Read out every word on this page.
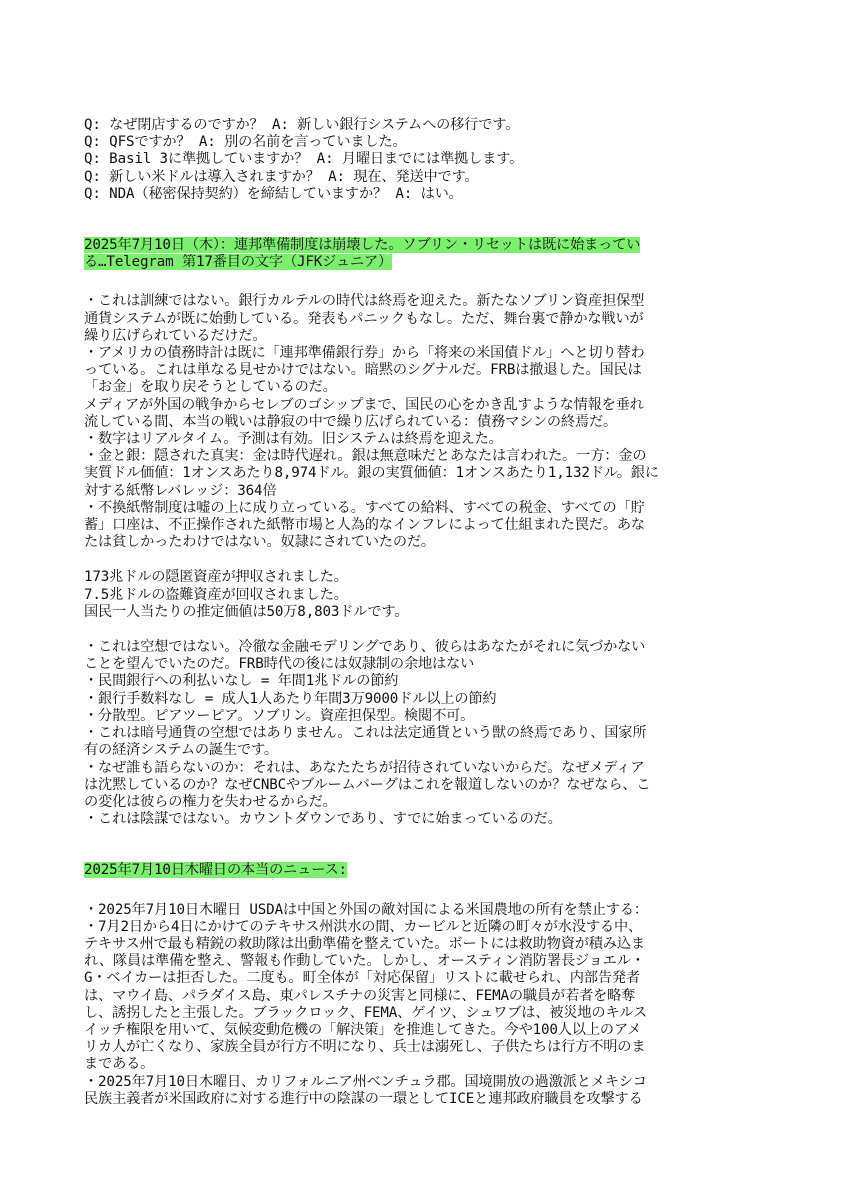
Q: なぜ閉店するのですか？ A: 新しい銀行システムへの移行です。
Q: QFSですか？ A: 別の名前を言っていました。
Q: Basil 3に準拠していますか？ A: 月曜日までには準拠します。
Q: 新しい米ドルは導入されますか？ A: 現在、発送中です。
Q: NDA（秘密保持契約）を締結していますか？ A: はい。
2025年7月10日（木）：連邦準備制度は崩壊した。ソブリン・リセットは既に始まってい
る…Telegram 第17番目の文字（JFKジュニア）
・これは訓練ではない。銀行カルテルの時代は終焉を迎えた。新たなソブリン資産担保型
通貨システムが既に始動している。発表もパニックもなし。ただ、舞台裏で静かな戦いが
繰り広げられているだけだ。
・アメリカの債務時計は既に「連邦準備銀行券」から「将来の米国債ドル」へと切り替わ
っている。これは単なる見せかけではない。暗黙のシグナルだ。FRBは撤退した。国民は
「お金」を取り戻そうとしているのだ。
メディアが外国の戦争からセレブのゴシップまで、国民の心をかき乱すような情報を垂れ
流している間、本当の戦いは静寂の中で繰り広げられている：債務マシンの終焉だ。
・数字はリアルタイム。予測は有効。旧システムは終焉を迎えた。
・金と銀：隠された真実：金は時代遅れ。銀は無意味だとあなたは言われた。一方：金の
実質ドル価値：1オンスあたり8,974ドル。銀の実質価値：1オンスあたり1,132ドル。銀に
対する紙幣レバレッジ：364倍
・不換紙幣制度は嘘の上に成り立っている。すべての給料、すべての税金、すべての「貯
蓄」口座は、不正操作された紙幣市場と人為的なインフレによって仕組まれた罠だ。あな
たは貧しかったわけではない。奴隷にされていたのだ。
173兆ドルの隠匿資産が押収されました。
7.5兆ドルの盗難資産が回収されました。
国民一人当たりの推定価値は50万8,803ドルです。
・これは空想ではない。冷徹な金融モデリングであり、彼らはあなたがそれに気づかない
ことを望んでいたのだ。FRB時代の後には奴隷制の余地はない
・民間銀行への利払いなし = 年間1兆ドルの節約
・銀行手数料なし = 成人1人あたり年間3万9000ドル以上の節約
・分散型。ピアツーピア。ソブリン。資産担保型。検閲不可。
・これは暗号通貨の空想ではありません。これは法定通貨という獣の終焉であり、国家所
有の経済システムの誕生です。
・なぜ誰も語らないのか：それは、あなたたちが招待されていないからだ。なぜメディア
は沈黙しているのか？なぜCNBCやブルームバーグはこれを報道しないのか？なぜなら、こ
の変化は彼らの権力を失わせるからだ。
・これは陰謀ではない。カウントダウンであり、すでに始まっているのだ。
2025年7月10日木曜日の本当のニュース:
・2025年7月10日木曜日 USDAは中国と外国の敵対国による米国農地の所有を禁止する：
・7月2日から4日にかけてのテキサス州洪水の間、カービルと近隣の町々が水没する中、
テキサス州で最も精鋭の救助隊は出動準備を整えていた。ボートには救助物資が積み込ま
れ、隊員は準備を整え、警報も作動していた。しかし、オースティン消防署長ジョエル・
G・ベイカーは拒否した。二度も。町全体が「対応保留」リストに載せられ、内部告発者
は、マウイ島、パラダイス島、東パレスチナの災害と同様に、FEMAの職員が若者を略奪
し、誘拐したと主張した。ブラックロック、FEMA、ゲイツ、シュワブは、被災地のキルス
イッチ権限を用いて、気候変動危機の「解決策」を推進してきた。今や100人以上のアメ
リカ人が亡くなり、家族全員が行方不明になり、兵士は溺死し、子供たちは行方不明のま
まである。
・2025年7月10日木曜日、カリフォルニア州ベンチュラ郡。国境開放の過激派とメキシコ
民族主義者が米国政府に対する進行中の陰謀の一環としてICEと連邦政府職員を攻撃する
